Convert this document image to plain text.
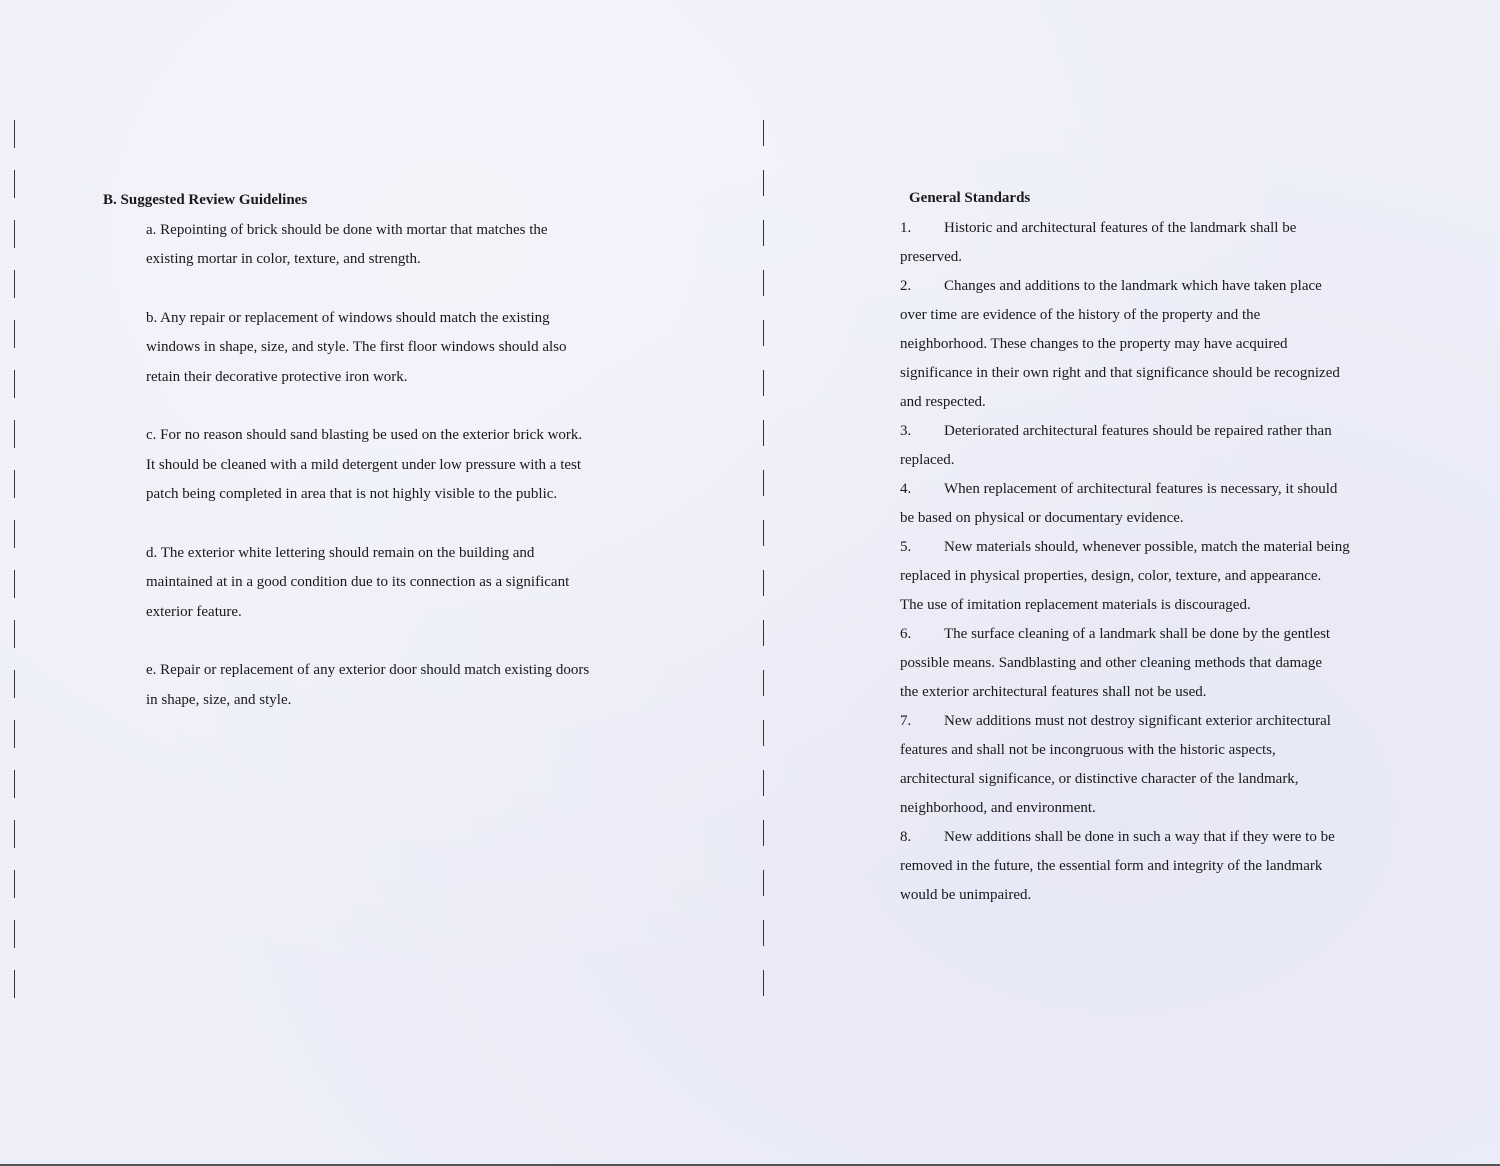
B. Suggested Review Guidelines
a. Repointing of brick should be done with mortar that matches the
existing mortar in color, texture, and strength.
b. Any repair or replacement of windows should match the existing
windows in shape, size, and style. The first floor windows should also
retain their decorative protective iron work.
c. For no reason should sand blasting be used on the exterior brick work.
It should be cleaned with a mild detergent under low pressure with a test
patch being completed in area that is not highly visible to the public.
d. The exterior white lettering should remain on the building and
maintained at in a good condition due to its connection as a significant
exterior feature.
e. Repair or replacement of any exterior door should match existing doors
in shape, size, and style.
General Standards
1. Historic and architectural features of the landmark shall be
preserved.
2. Changes and additions to the landmark which have taken place
over time are evidence of the history of the property and the
neighborhood. These changes to the property may have acquired
significance in their own right and that significance should be recognized
and respected.
3. Deteriorated architectural features should be repaired rather than
replaced.
4. When replacement of architectural features is necessary, it should
be based on physical or documentary evidence.
5. New materials should, whenever possible, match the material being
replaced in physical properties, design, color, texture, and appearance.
The use of imitation replacement materials is discouraged.
6. The surface cleaning of a landmark shall be done by the gentlest
possible means. Sandblasting and other cleaning methods that damage
the exterior architectural features shall not be used.
7. New additions must not destroy significant exterior architectural
features and shall not be incongruous with the historic aspects,
architectural significance, or distinctive character of the landmark,
neighborhood, and environment.
8. New additions shall be done in such a way that if they were to be
removed in the future, the essential form and integrity of the landmark
would be unimpaired.
